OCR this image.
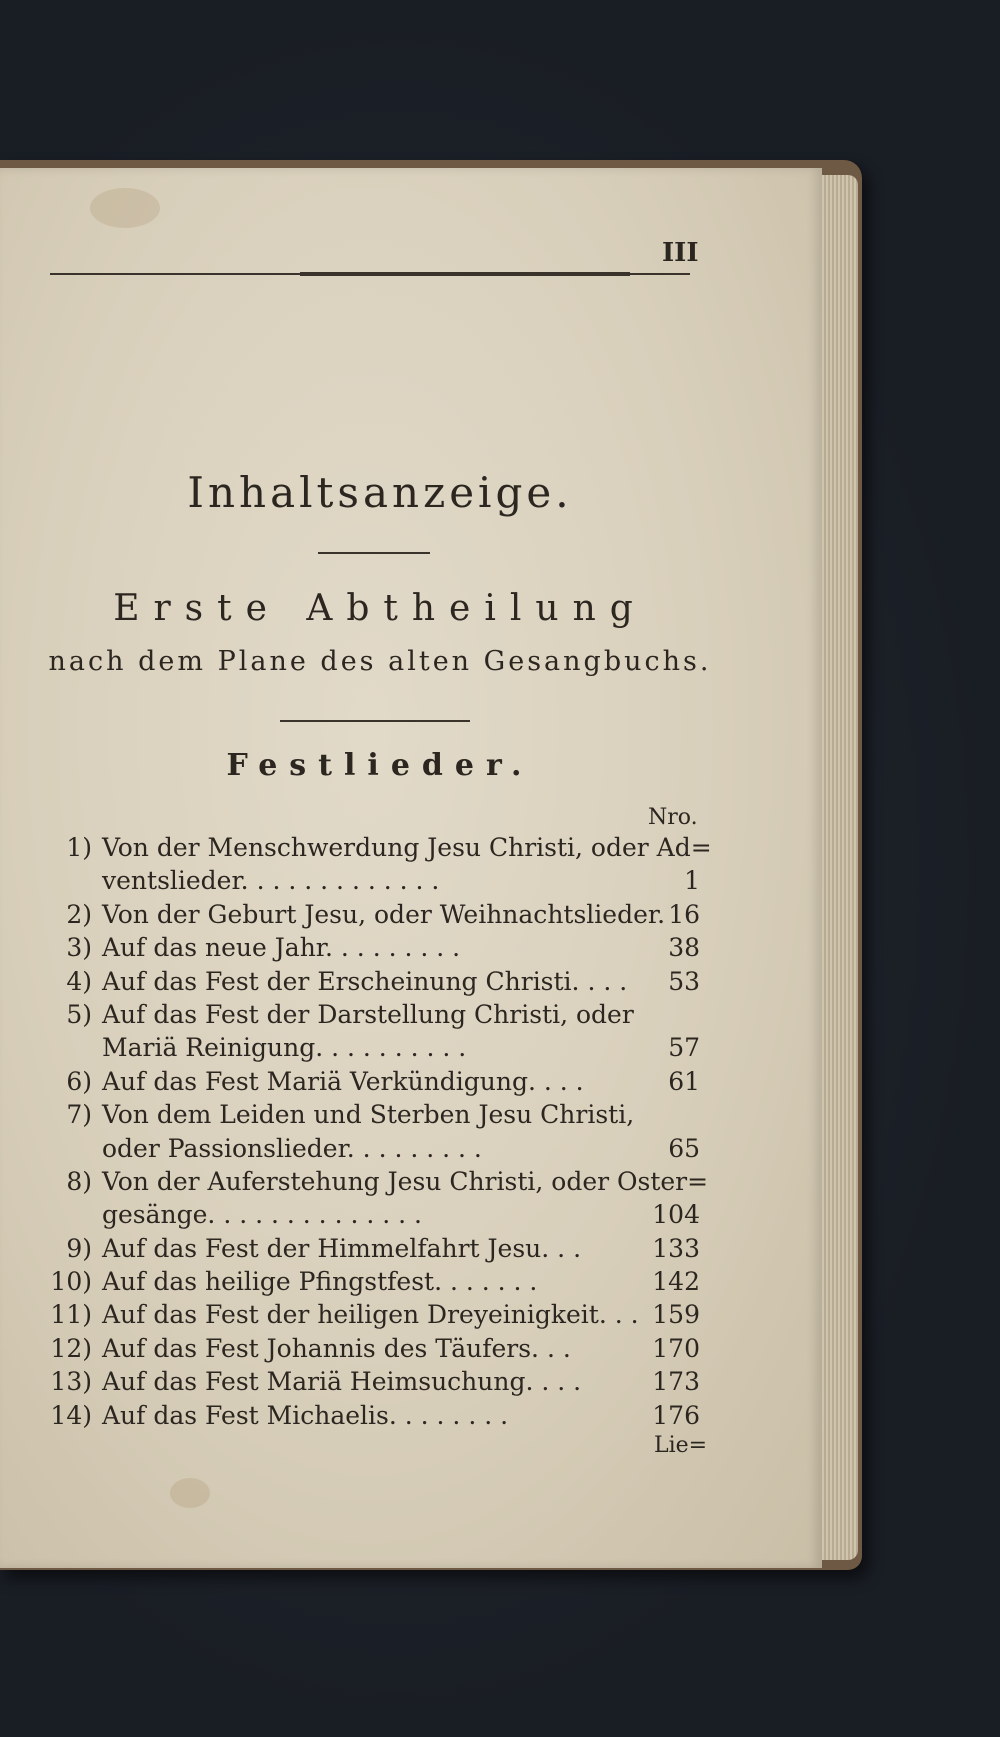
III
Inhaltsanzeige.
Erste Abtheilung
nach dem Plane des alten Gesangbuchs.
Festlieder.
Nro.
1) Von der Menschwerdung Jesu Christi, oder Ad=
ventslieder. . . . . . . . . . . . .	1
2) Von der Geburt Jesu, oder Weihnachtslieder. 16
3) Auf das neue Jahr. . . . . . . . .	38
4) Auf das Fest der Erscheinung Christi. . . .	53
5) Auf das Fest der Darstellung Christi, oder
Mariä Reinigung. . . . . . . . . .	57
6) Auf das Fest Mariä Verkündigung. . . .	61
7) Von dem Leiden und Sterben Jesu Christi,
oder Passionslieder. . . . . . . . .	65
8) Von der Auferstehung Jesu Christi, oder Oster=
gesänge. . . . . . . . . . . . . .	104
9) Auf das Fest der Himmelfahrt Jesu. . .	133
10) Auf das heilige Pfingstfest. . . . . . .	142
11) Auf das Fest der heiligen Dreyeinigkeit. . . 159
12) Auf das Fest Johannis des Täufers. . .	170
13) Auf das Fest Mariä Heimsuchung. . . .	173
14) Auf das Fest Michaelis. . . . . . . .	176
Lie=
